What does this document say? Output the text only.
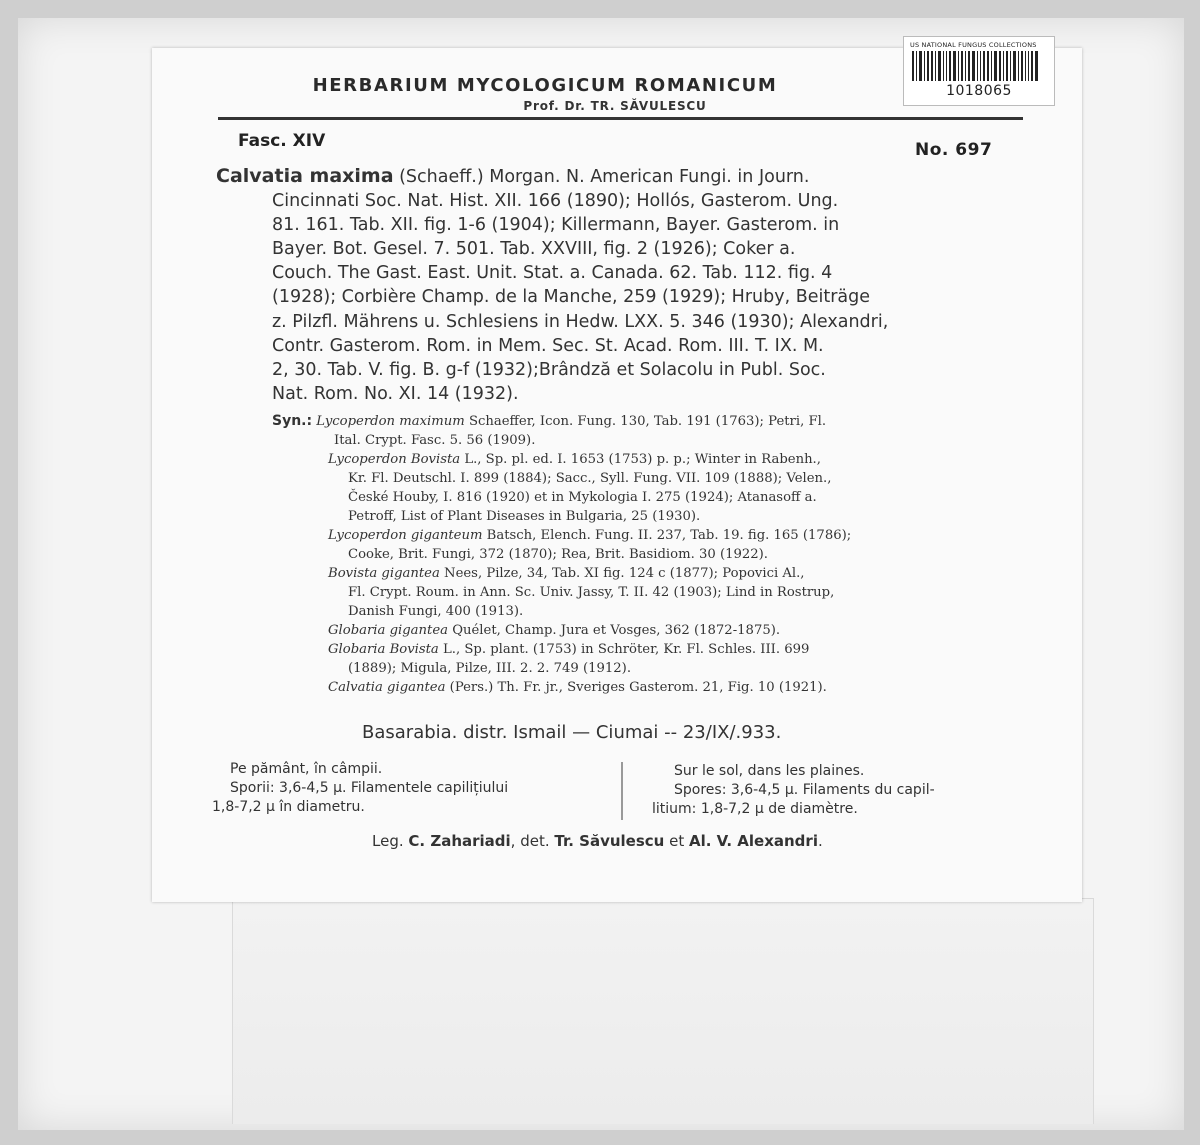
US NATIONAL FUNGUS COLLECTIONS
1018065
HERBARIUM MYCOLOGICUM ROMANICUM
Prof. Dr. TR. SĂVULESCU
Fasc. XIV	No. 697
Calvatia maxima (Schaeff.) Morgan. N. American Fungi. in Journ.
Cincinnati Soc. Nat. Hist. XII. 166 (1890); Hollós, Gasterom. Ung.
81. 161. Tab. XII. fig. 1-6 (1904); Killermann, Bayer. Gasterom. in
Bayer. Bot. Gesel. 7. 501. Tab. XXVIII, fig. 2 (1926); Coker a.
Couch. The Gast. East. Unit. Stat. a. Canada. 62. Tab. 112. fig. 4
(1928); Corbière Champ. de la Manche, 259 (1929); Hruby, Beiträge
z. Pilzfl. Mährens u. Schlesiens in Hedw. LXX. 5. 346 (1930); Alexandri,
Contr. Gasterom. Rom. in Mem. Sec. St. Acad. Rom. III. T. IX. M.
2, 30. Tab. V. fig. B. g-f (1932);Brândză et Solacolu in Publ. Soc.
Nat. Rom. No. XI. 14 (1932).
Syn.: Lycoperdon maximum Schaeffer, Icon. Fung. 130, Tab. 191 (1763); Petri, Fl.
Ital. Crypt. Fasc. 5. 56 (1909).
Lycoperdon Bovista L., Sp. pl. ed. I. 1653 (1753) p. p.; Winter in Rabenh.,
Kr. Fl. Deutschl. I. 899 (1884); Sacc., Syll. Fung. VII. 109 (1888); Velen.,
České Houby, I. 816 (1920) et in Mykologia I. 275 (1924); Atanasoff a.
Petroff, List of Plant Diseases in Bulgaria, 25 (1930).
Lycoperdon giganteum Batsch, Elench. Fung. II. 237, Tab. 19. fig. 165 (1786);
Cooke, Brit. Fungi, 372 (1870); Rea, Brit. Basidiom. 30 (1922).
Bovista gigantea Nees, Pilze, 34, Tab. XI fig. 124 c (1877); Popovici Al.,
Fl. Crypt. Roum. in Ann. Sc. Univ. Jassy, T. II. 42 (1903); Lind in Rostrup,
Danish Fungi, 400 (1913).
Globaria gigantea Quélet, Champ. Jura et Vosges, 362 (1872-1875).
Globaria Bovista L., Sp. plant. (1753) in Schröter, Kr. Fl. Schles. III. 699
(1889); Migula, Pilze, III. 2. 2. 749 (1912).
Calvatia gigantea (Pers.) Th. Fr. jr., Sveriges Gasterom. 21, Fig. 10 (1921).
Basarabia. distr. Ismail — Ciumai -- 23/IX/.933.
Pe pământ, în câmpii.
Sporii: 3,6-4,5 μ. Filamentele capilițiului
1,8-7,2 μ în diametru.
Sur le sol, dans les plaines.
Spores: 3,6-4,5 μ. Filaments du capil-
litium: 1,8-7,2 μ de diamètre.
Leg. C. Zahariadi, det. Tr. Săvulescu et Al. V. Alexandri.
